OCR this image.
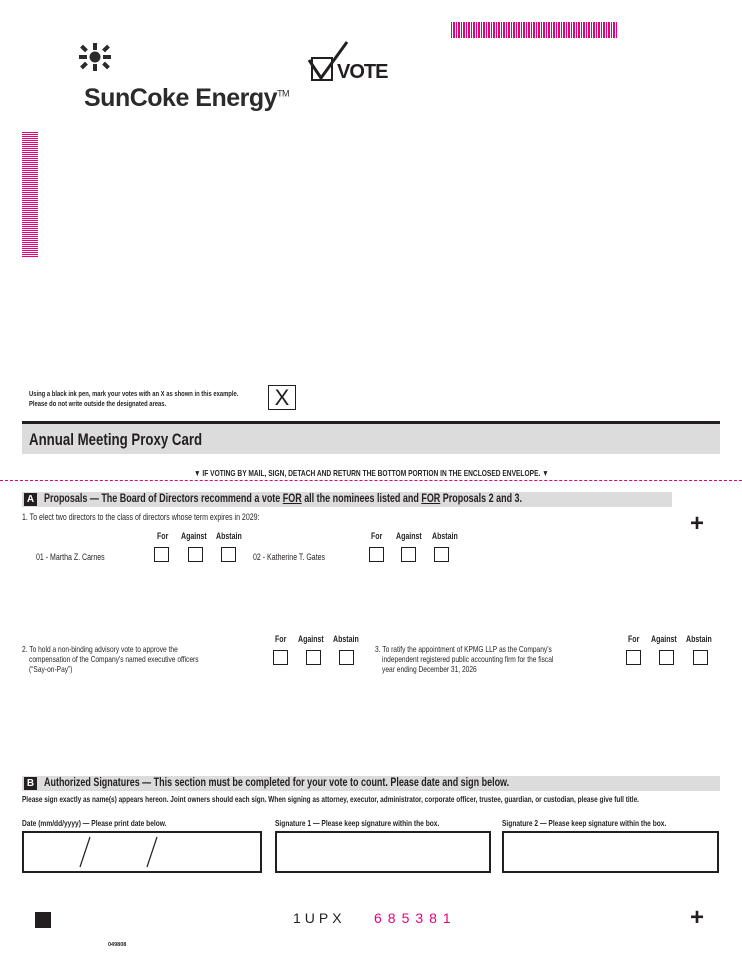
SunCoke Energy™
VOTE
Using a black ink pen, mark your votes with an X as shown in this example.
Please do not write outside the designated areas.	X
Annual Meeting Proxy Card
▼ IF VOTING BY MAIL, SIGN, DETACH AND RETURN THE BOTTOM PORTION IN THE ENCLOSED ENVELOPE. ▼
A Proposals — The Board of Directors recommend a vote FOR all the nominees listed and FOR Proposals 2 and 3.
+
1. To elect two directors to the class of directors whose term expires in 2029:
For Against Abstain	For Against Abstain
01 - Martha Z. Carnes	02 - Katherine T. Gates
2. To hold a non-binding advisory vote to approve the
compensation of the Company's named executive officers
(“Say-on-Pay”)
For Against Abstain
3. To ratify the appointment of KPMG LLP as the Company's
independent registered public accounting firm for the fiscal
year ending December 31, 2026
For Against Abstain
B Authorized Signatures — This section must be completed for your vote to count. Please date and sign below.
Please sign exactly as name(s) appears hereon. Joint owners should each sign. When signing as attorney, executor, administrator, corporate officer, trustee, guardian, or custodian, please give full title.
Date (mm/dd/yyyy) — Please print date below.	Signature 1 — Please keep signature within the box.	Signature 2 — Please keep signature within the box.
1UPX 685381	+
049808
